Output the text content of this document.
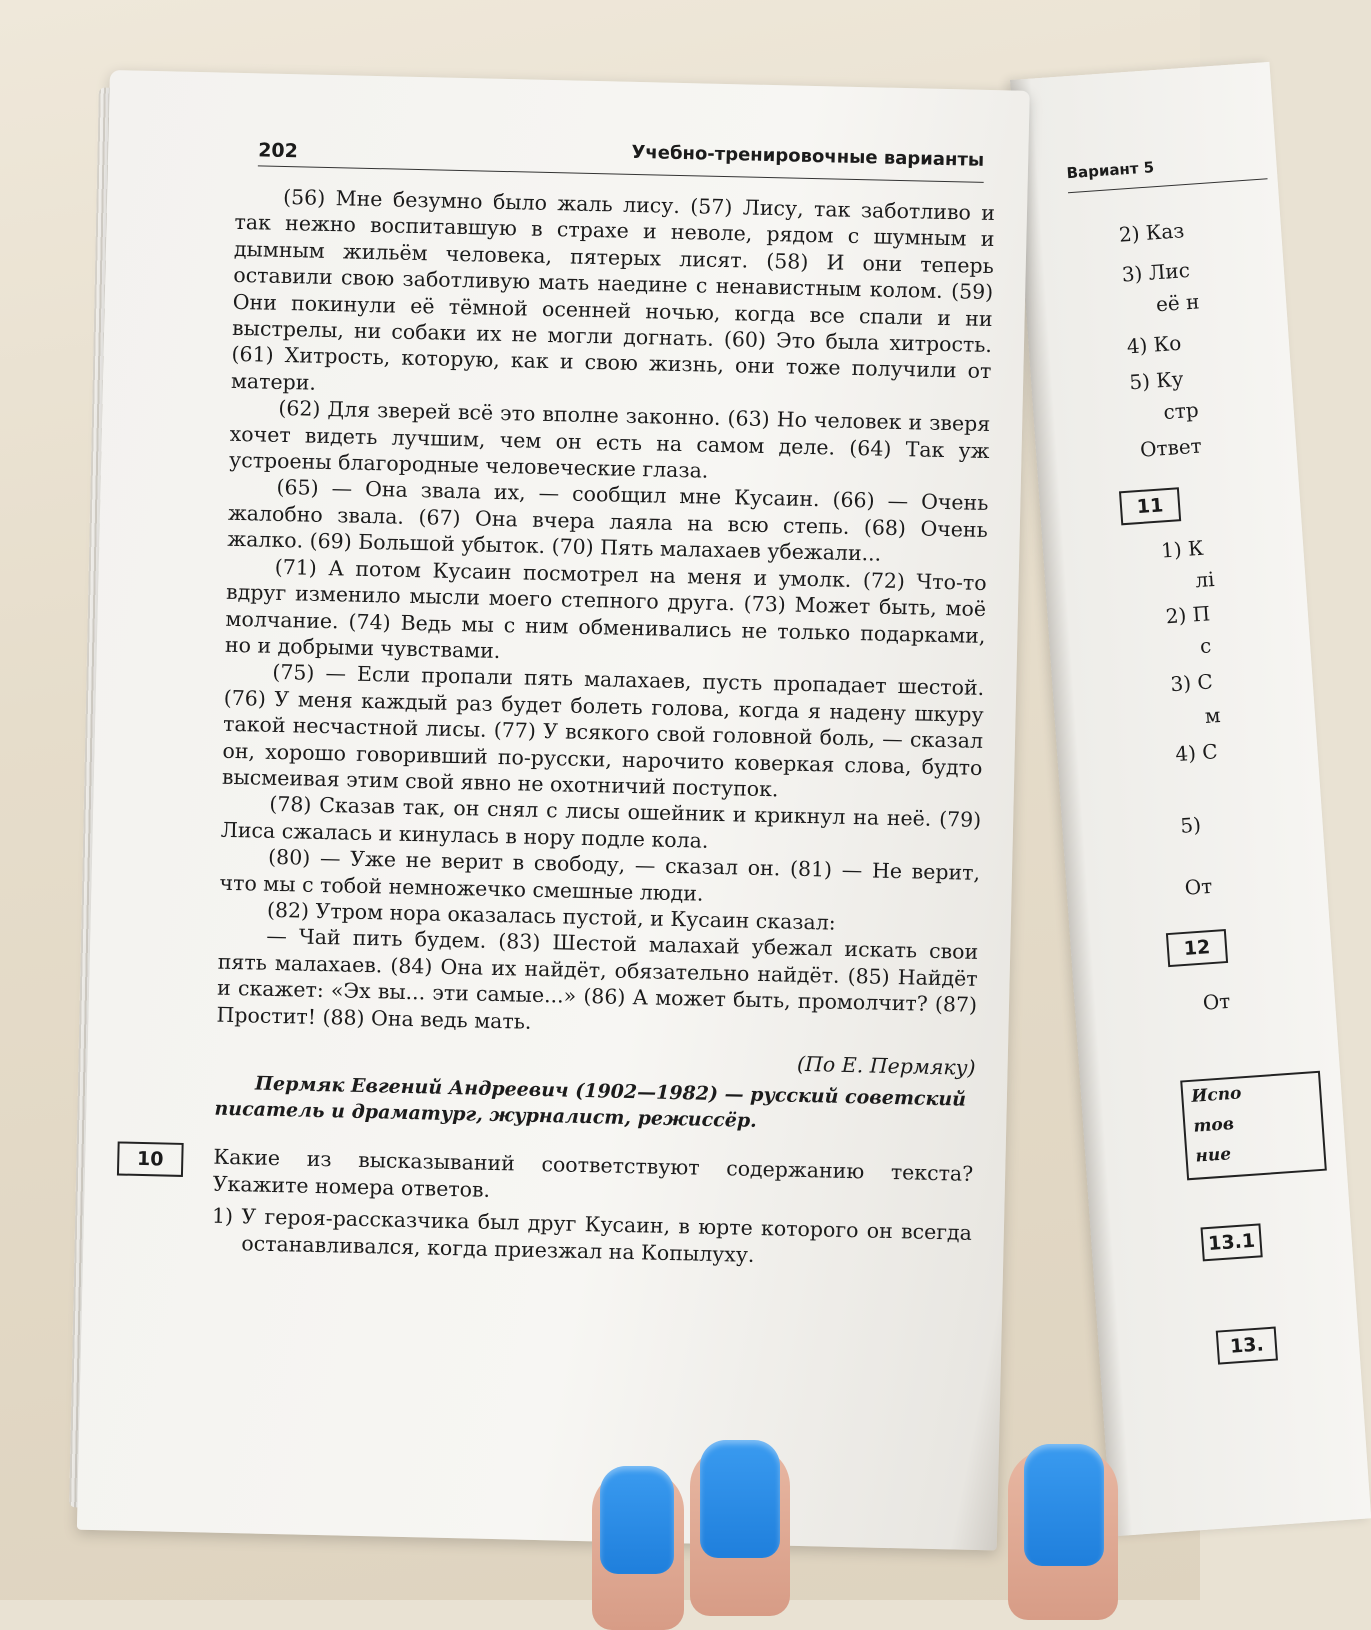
Вариант 5
2) Каз
3) Лис
её н
4) Ко
5) Ку
стр
Ответ
11
1) К
лі
2) П
с
3) С
м
4) С
5)
От
12
От
Испо
тов
ние
13.1
13.
202	Учебно-тренировочные варианты

(56) Мне безумно было жаль лису. (57) Лису, так заботливо и так нежно воспитавшую в страхе и неволе, рядом с шумным и дымным жильём человека, пятерых лисят. (58) И они теперь оставили свою заботливую мать наедине с ненавистным колом. (59) Они покинули её тёмной осенней ночью, когда все спали и ни выстрелы, ни собаки их не могли догнать. (60) Это была хитрость. (61) Хитрость, которую, как и свою жизнь, они тоже получили от матери.

(62) Для зверей всё это вполне законно. (63) Но человек и зверя хочет видеть лучшим, чем он есть на самом деле. (64) Так уж устроены благородные человеческие глаза.

(65) — Она звала их, — сообщил мне Кусаин. (66) — Очень жалобно звала. (67) Она вчера лаяла на всю степь. (68) Очень жалко. (69) Большой убыток. (70) Пять малахаев убежали...

(71) А потом Кусаин посмотрел на меня и умолк. (72) Что-то вдруг изменило мысли моего степного друга. (73) Может быть, моё молчание. (74) Ведь мы с ним обменивались не только подарками, но и добрыми чувствами.

(75) — Если пропали пять малахаев, пусть пропадает шестой. (76) У меня каждый раз будет болеть голова, когда я надену шкуру такой несчастной лисы. (77) У всякого свой головной боль, — сказал он, хорошо говоривший по-русски, нарочито коверкая слова, будто высмеивая этим свой явно не охотничий поступок.

(78) Сказав так, он снял с лисы ошейник и крикнул на неё. (79) Лиса сжалась и кинулась в нору подле кола.

(80) — Уже не верит в свободу, — сказал он. (81) — Не верит, что мы с тобой немножечко смешные люди.

(82) Утром нора оказалась пустой, и Кусаин сказал:

— Чай пить будем. (83) Шестой малахай убежал искать свои пять малахаев. (84) Она их найдёт, обязательно найдёт. (85) Найдёт и скажет: «Эх вы... эти самые...» (86) А может быть, промолчит? (87) Простит! (88) Она ведь мать.

(По Е. Пермяку)
Пермяк Евгений Андреевич (1902—1982) — русский советский писатель и драматург, журналист, режиссёр.
10	Какие из высказываний соответствуют содержанию текста? Укажите номера ответов.
1) У героя-рассказчика был друг Кусаин, в юрте которого он всегда останавливался, когда приезжал на Копылуху.
